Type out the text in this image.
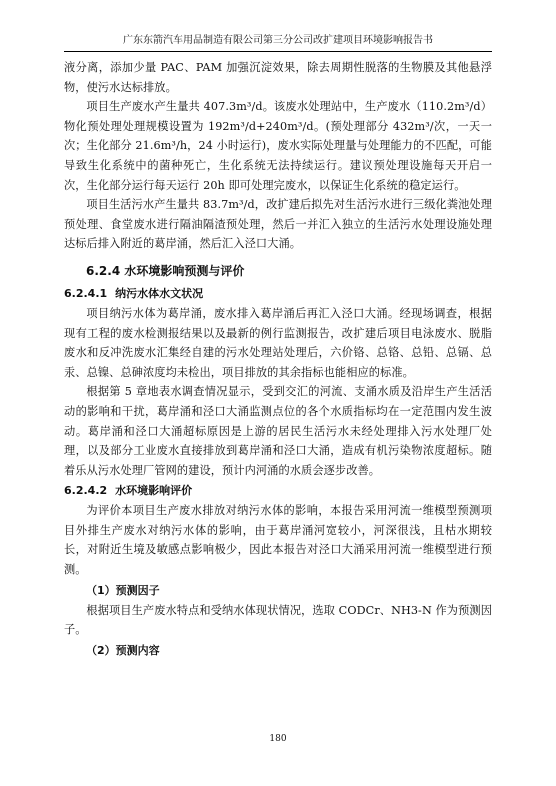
广东东箭汽车用品制造有限公司第三分公司改扩建项目环境影响报告书

液分离，添加少量 PAC、PAM 加强沉淀效果，除去周期性脱落的生物膜及其他悬浮物，使污水达标排放。

项目生产废水产生量共 407.3m³/d。该废水处理站中，生产废水（110.2m³/d）物化预处理处理规模设置为 192m³/d+240m³/d。(预处理部分 432m³/次，一天一次；生化部分 21.6m³/h，24 小时运行)，废水实际处理量与处理能力的不匹配，可能导致生化系统中的菌种死亡，生化系统无法持续运行。建议预处理设施每天开启一次，生化部分运行每天运行 20h 即可处理完废水，以保证生化系统的稳定运行。

项目生活污水产生量共 83.7m³/d，改扩建后拟先对生活污水进行三级化粪池处理预处理、食堂废水进行隔油隔渣预处理，然后一并汇入独立的生活污水处理设施处理达标后排入附近的葛岸涌，然后汇入泾口大涌。

6.2.4 水环境影响预测与评价
6.2.4.1 纳污水体水文状况

项目纳污水体为葛岸涌，废水排入葛岸涌后再汇入泾口大涌。经现场调查，根据现有工程的废水检测报结果以及最新的例行监测报告，改扩建后项目电泳废水、脱脂废水和反冲洗废水汇集经自建的污水处理站处理后，六价铬、总铬、总铅、总镉、总汞、总镍、总砷浓度均未检出，项目排放的其余指标也能相应的标准。

根据第 5 章地表水调查情况显示，受到交汇的河流、支涌水质及沿岸生产生活活动的影响和干扰，葛岸涌和泾口大涌监测点位的各个水质指标均在一定范围内发生波动。葛岸涌和泾口大涌超标原因是上游的居民生活污水未经处理排入污水处理厂处理，以及部分工业废水直接排放到葛岸涌和泾口大涌，造成有机污染物浓度超标。随着乐从污水处理厂管网的建设，预计内河涌的水质会逐步改善。

6.2.4.2 水环境影响评价

为评价本项目生产废水排放对纳污水体的影响，本报告采用河流一维模型预测项目外排生产废水对纳污水体的影响，由于葛岸涌河宽较小，河深很浅，且枯水期较长，对附近生境及敏感点影响极少，因此本报告对泾口大涌采用河流一维模型进行预测。

（1）预测因子

根据项目生产废水特点和受纳水体现状情况，选取 CODCr、NH3-N 作为预测因子。

（2）预测内容
180
